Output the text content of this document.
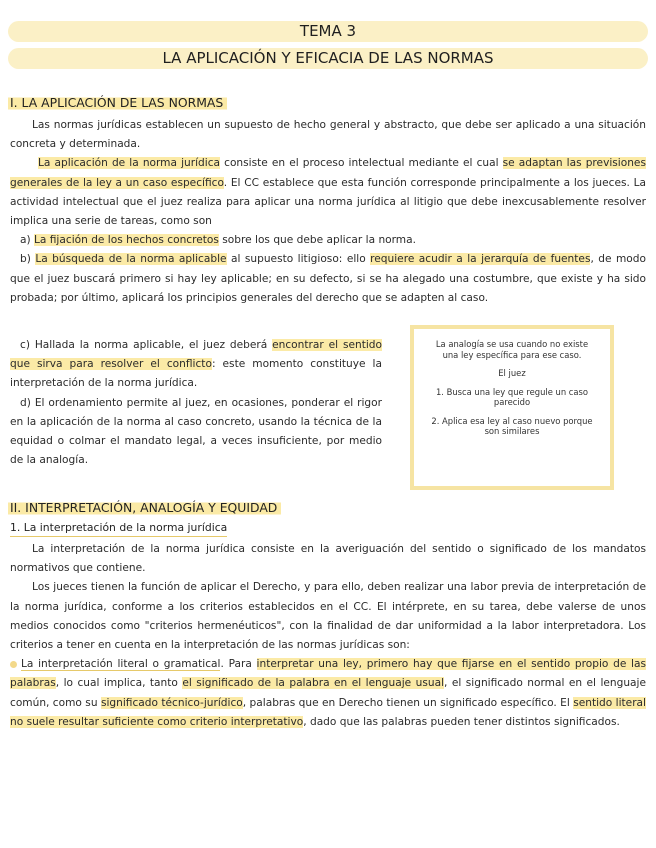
TEMA 3
LA APLICACIÓN Y EFICACIA DE LAS NORMAS
I. LA APLICACIÓN DE LAS NORMAS

Las normas jurídicas establecen un supuesto de hecho general y abstracto, que debe ser aplicado a una situación concreta y determinada.

La aplicación de la norma jurídica consiste en el proceso intelectual mediante el cual se adaptan las previsiones generales de la ley a un caso específico. El CC establece que esta función corresponde principalmente a los jueces. La actividad intelectual que el juez realiza para aplicar una norma jurídica al litigio que debe inexcusablemente resolver implica una serie de tareas, como son

a) La fijación de los hechos concretos sobre los que debe aplicar la norma.

b) La búsqueda de la norma aplicable al supuesto litigioso: ello requiere acudir a la jerarquía de fuentes, de modo que el juez buscará primero si hay ley aplicable; en su defecto, si se ha alegado una costumbre, que existe y ha sido probada; por último, aplicará los principios generales del derecho que se adapten al caso.

c) Hallada la norma aplicable, el juez deberá encontrar el sentido que sirva para resolver el conflicto: este momento constituye la interpretación de la norma jurídica.

d) El ordenamiento permite al juez, en ocasiones, ponderar el rigor en la aplicación de la norma al caso concreto, usando la técnica de la equidad o colmar el mandato legal, a veces insuficiente, por medio de la analogía.

La analogía se usa cuando no existe una ley específica para ese caso.

El juez

1. Busca una ley que regule un caso parecido

2. Aplica esa ley al caso nuevo porque son similares

II. INTERPRETACIÓN, ANALOGÍA Y EQUIDAD
1. La interpretación de la norma jurídica

La interpretación de la norma jurídica consiste en la averiguación del sentido o significado de los mandatos normativos que contiene.

Los jueces tienen la función de aplicar el Derecho, y para ello, deben realizar una labor previa de interpretación de la norma jurídica, conforme a los criterios establecidos en el CC. El intérprete, en su tarea, debe valerse de unos medios conocidos como "criterios hermenéuticos", con la finalidad de dar uniformidad a la labor interpretadora. Los criterios a tener en cuenta en la interpretación de las normas jurídicas son:

La interpretación literal o gramatical. Para interpretar una ley, primero hay que fijarse en el sentido propio de las palabras, lo cual implica, tanto el significado de la palabra en el lenguaje usual, el significado normal en el lenguaje común, como su significado técnico-jurídico, palabras que en Derecho tienen un significado específico. El sentido literal no suele resultar suficiente como criterio interpretativo, dado que las palabras pueden tener distintos significados.
